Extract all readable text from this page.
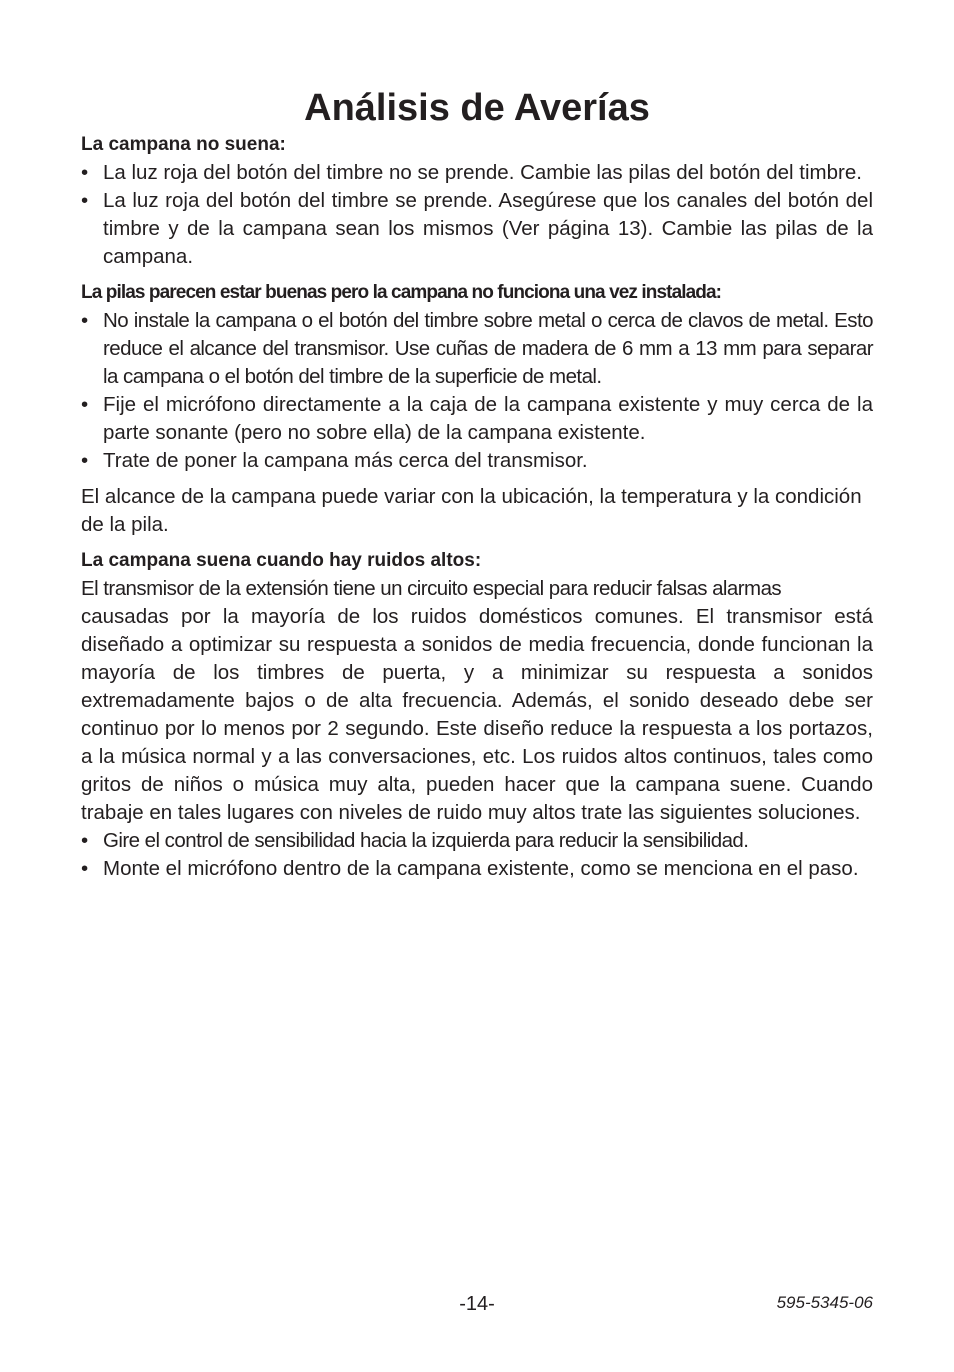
Análisis de Averías

La campana no suena:

• La luz roja del botón del timbre no se prende. Cambie las pilas del botón del timbre.
• La luz roja del botón del timbre se prende. Asegúrese que los canales del botón del timbre y de la campana sean los mismos (Ver página 13). Cambie las pilas de la campana.

La pilas parecen estar buenas pero la campana no funciona una vez instalada:

• No instale la campana o el botón del timbre sobre metal o cerca de clavos de metal. Esto reduce el alcance del transmisor. Use cuñas de madera de 6 mm a 13 mm para separar la campana o el botón del timbre de la superficie de metal.
• Fije el micrófono directamente a la caja de la campana existente y muy cerca de la parte sonante (pero no sobre ella) de la campana existente.
• Trate de poner la campana más cerca del transmisor.

El alcance de la campana puede variar con la ubicación, la temperatura y la condición de la pila.

La campana suena cuando hay ruidos altos:

El transmisor de la extensión tiene un circuito especial para reducir falsas alarmas

causadas por la mayoría de los ruidos domésticos comunes. El transmisor está diseñado a optimizar su respuesta a sonidos de media frecuencia, donde funcionan la mayoría de los timbres de puerta, y a minimizar su respuesta a sonidos extremadamente bajos o de alta frecuencia. Además, el sonido deseado debe ser continuo por lo menos por 2 segundo. Este diseño reduce la respuesta a los portazos, a la música normal y a las conversaciones, etc. Los ruidos altos continuos, tales como gritos de niños o música muy alta, pueden hacer que la campana suene. Cuando trabaje en tales lugares con niveles de ruido muy altos trate las siguientes soluciones.

• Gire el control de sensibilidad hacia la izquierda para reducir la sensibilidad.
• Monte el micrófono dentro de la campana existente, como se menciona en el paso.
-14-	595-5345-06
